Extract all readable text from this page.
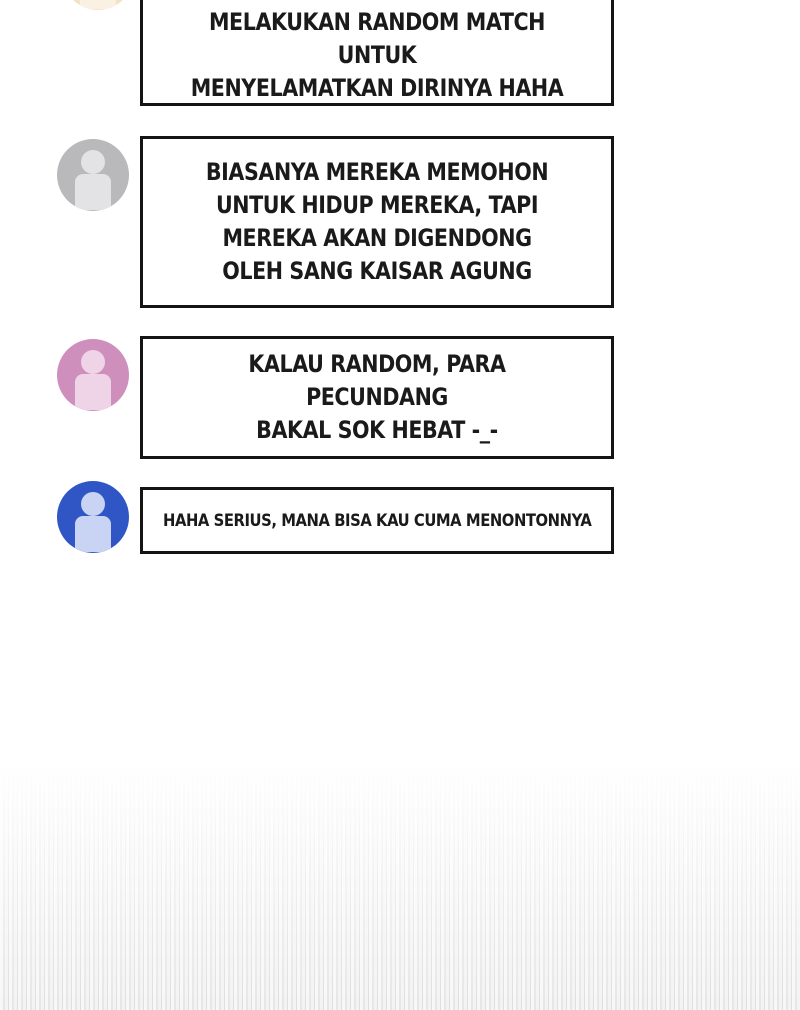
MELAKUKAN RANDOM MATCH UNTUK
MENYELAMATKAN DIRINYA HAHA

BIASANYA MEREKA MEMOHON
UNTUK HIDUP MEREKA, TAPI
MEREKA AKAN DIGENDONG
OLEH SANG KAISAR AGUNG

KALAU RANDOM, PARA PECUNDANG
BAKAL SOK HEBAT -_-

HAHA SERIUS, MANA BISA KAU CUMA MENONTONNYA
